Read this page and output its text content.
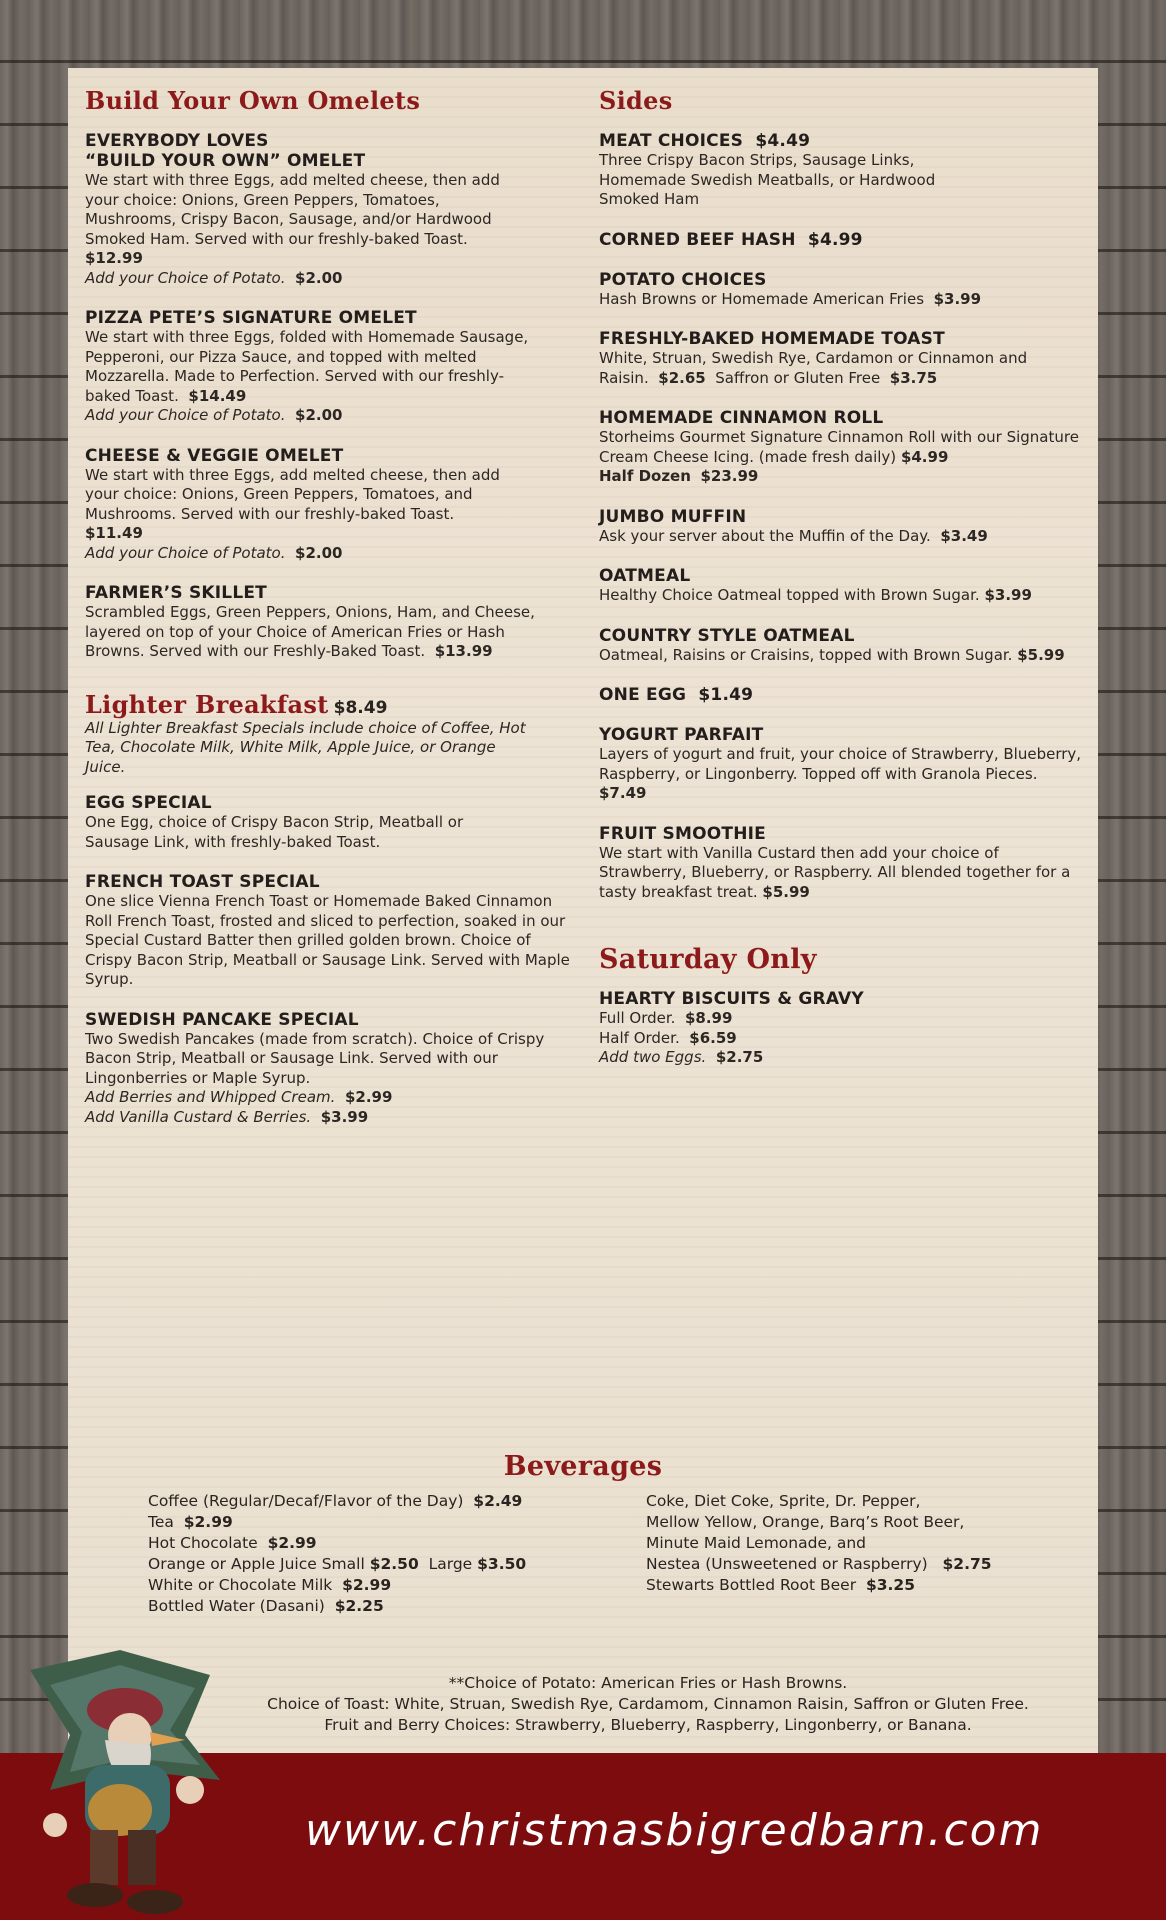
Build Your Own Omelets
EVERYBODY LOVES
“BUILD YOUR OWN” OMELET
We start with three Eggs, add melted cheese, then add your choice: Onions, Green Peppers, Tomatoes, Mushrooms, Crispy Bacon, Sausage, and/or Hardwood Smoked Ham. Served with our freshly-baked Toast.  $12.99
Add your Choice of Potato. $2.00
PIZZA PETE’S SIGNATURE OMELET
We start with three Eggs, folded with Homemade Sausage, Pepperoni, our Pizza Sauce, and topped with melted Mozzarella. Made to Perfection. Served with our freshly-baked Toast. $14.49
Add your Choice of Potato. $2.00
CHEESE & VEGGIE OMELET
We start with three Eggs, add melted cheese, then add your choice: Onions, Green Peppers, Tomatoes, and Mushrooms. Served with our freshly-baked Toast.  $11.49
Add your Choice of Potato. $2.00
FARMER’S SKILLET
Scrambled Eggs, Green Peppers, Onions, Ham, and Cheese, layered on top of your Choice of American Fries or Hash Browns. Served with our Freshly-Baked Toast. $13.99
Lighter Breakfast $8.49
All Lighter Breakfast Specials include choice of Coffee, Hot Tea, Chocolate Milk, White Milk, Apple Juice, or Orange Juice.
EGG SPECIAL
One Egg, choice of Crispy Bacon Strip, Meatball or Sausage Link, with freshly-baked Toast.
FRENCH TOAST SPECIAL
One slice Vienna French Toast or Homemade Baked Cinnamon Roll French Toast, frosted and sliced to perfection, soaked in our Special Custard Batter then grilled golden brown. Choice of Crispy Bacon Strip, Meatball or Sausage Link. Served with Maple Syrup.
SWEDISH PANCAKE SPECIAL
Two Swedish Pancakes (made from scratch). Choice of Crispy Bacon Strip, Meatball or Sausage Link. Served with our Lingonberries or Maple Syrup.
Add Berries and Whipped Cream. $2.99
Add Vanilla Custard & Berries. $3.99
Sides
MEAT CHOICES $4.49
Three Crispy Bacon Strips, Sausage Links, Homemade Swedish Meatballs, or Hardwood Smoked Ham
CORNED BEEF HASH $4.99
POTATO CHOICES
Hash Browns or Homemade American Fries $3.99
FRESHLY-BAKED HOMEMADE TOAST
White, Struan, Swedish Rye, Cardamon or Cinnamon and Raisin. $2.65 Saffron or Gluten Free $3.75
HOMEMADE CINNAMON ROLL
Storheims Gourmet Signature Cinnamon Roll with our Signature Cream Cheese Icing. (made fresh daily) $4.99
Half Dozen $23.99
JUMBO MUFFIN
Ask your server about the Muffin of the Day. $3.49
OATMEAL
Healthy Choice Oatmeal topped with Brown Sugar. $3.99
COUNTRY STYLE OATMEAL
Oatmeal, Raisins or Craisins, topped with Brown Sugar. $5.99
ONE EGG $1.49
YOGURT PARFAIT
Layers of yogurt and fruit, your choice of Strawberry, Blueberry, Raspberry, or Lingonberry. Topped off with Granola Pieces.  $7.49
FRUIT SMOOTHIE
We start with Vanilla Custard then add your choice of Strawberry, Blueberry, or Raspberry. All blended together for a tasty breakfast treat. $5.99
Saturday Only
HEARTY BISCUITS & GRAVY
Full Order. $8.99
Half Order. $6.59
Add two Eggs. $2.75
Beverages
Coffee (Regular/Decaf/Flavor of the Day) $2.49
Tea $2.99
Hot Chocolate $2.99
Orange or Apple Juice Small $2.50 Large $3.50
White or Chocolate Milk $2.99
Bottled Water (Dasani) $2.25
Coke, Diet Coke, Sprite, Dr. Pepper,
Mellow Yellow, Orange, Barq’s Root Beer,
Minute Maid Lemonade, and
Nestea (Unsweetened or Raspberry) $2.75
Stewarts Bottled Root Beer $3.25
**Choice of Potato: American Fries or Hash Browns.
Choice of Toast: White, Struan, Swedish Rye, Cardamom, Cinnamon Raisin, Saffron or Gluten Free.
Fruit and Berry Choices: Strawberry, Blueberry, Raspberry, Lingonberry, or Banana.
www.christmasbigredbarn.com
